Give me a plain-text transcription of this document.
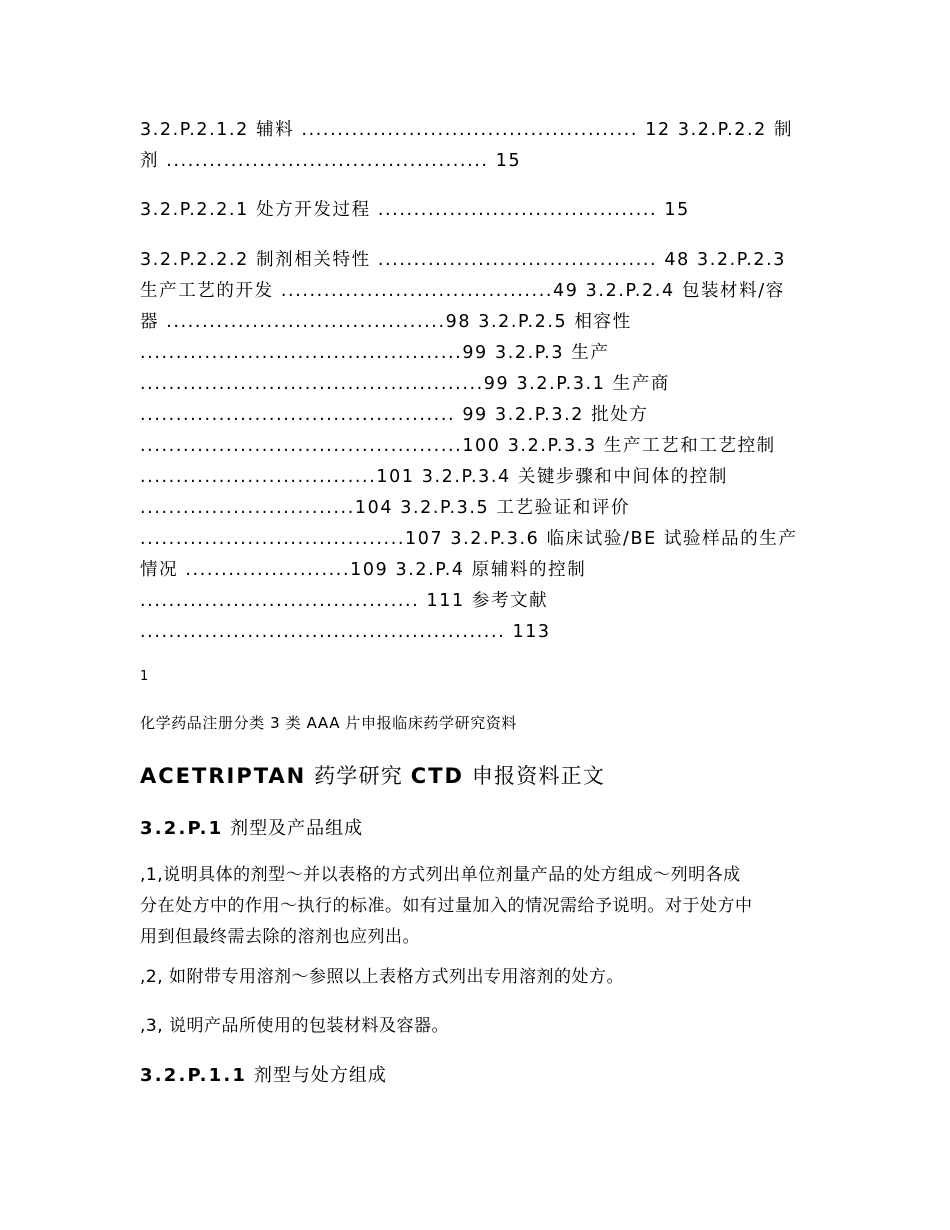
3.2.P.2.1.2 辅料 ............................................... 12 3.2.P.2.2 制

剂 ............................................. 15

3.2.P.2.2.1 处方开发过程 ....................................... 15

3.2.P.2.2.2 制剂相关特性 ....................................... 48 3.2.P.2.3

生产工艺的开发 ......................................49 3.2.P.2.4 包装材料/容

器 .......................................98 3.2.P.2.5 相容性

.............................................99 3.2.P.3 生产

................................................99 3.2.P.3.1 生产商

............................................ 99 3.2.P.3.2 批处方

.............................................100 3.2.P.3.3 生产工艺和工艺控制

.................................101 3.2.P.3.4 关键步骤和中间体的控制

..............................104 3.2.P.3.5 工艺验证和评价

.....................................107 3.2.P.3.6 临床试验/BE 试验样品的生产

情况 .......................109 3.2.P.4 原辅料的控制

....................................... 111 参考文献

................................................... 113

1
化学药品注册分类 3 类 AAA 片申报临床药学研究资料
ACETRIPTAN 药学研究 CTD 申报资料正文
3.2.P.1 剂型及产品组成
,1,说明具体的剂型～并以表格的方式列出单位剂量产品的处方组成～列明各成
分在处方中的作用～执行的标准。如有过量加入的情况需给予说明。对于处方中
用到但最终需去除的溶剂也应列出。
,2, 如附带专用溶剂～参照以上表格方式列出专用溶剂的处方。
,3, 说明产品所使用的包装材料及容器。
3.2.P.1.1 剂型与处方组成
